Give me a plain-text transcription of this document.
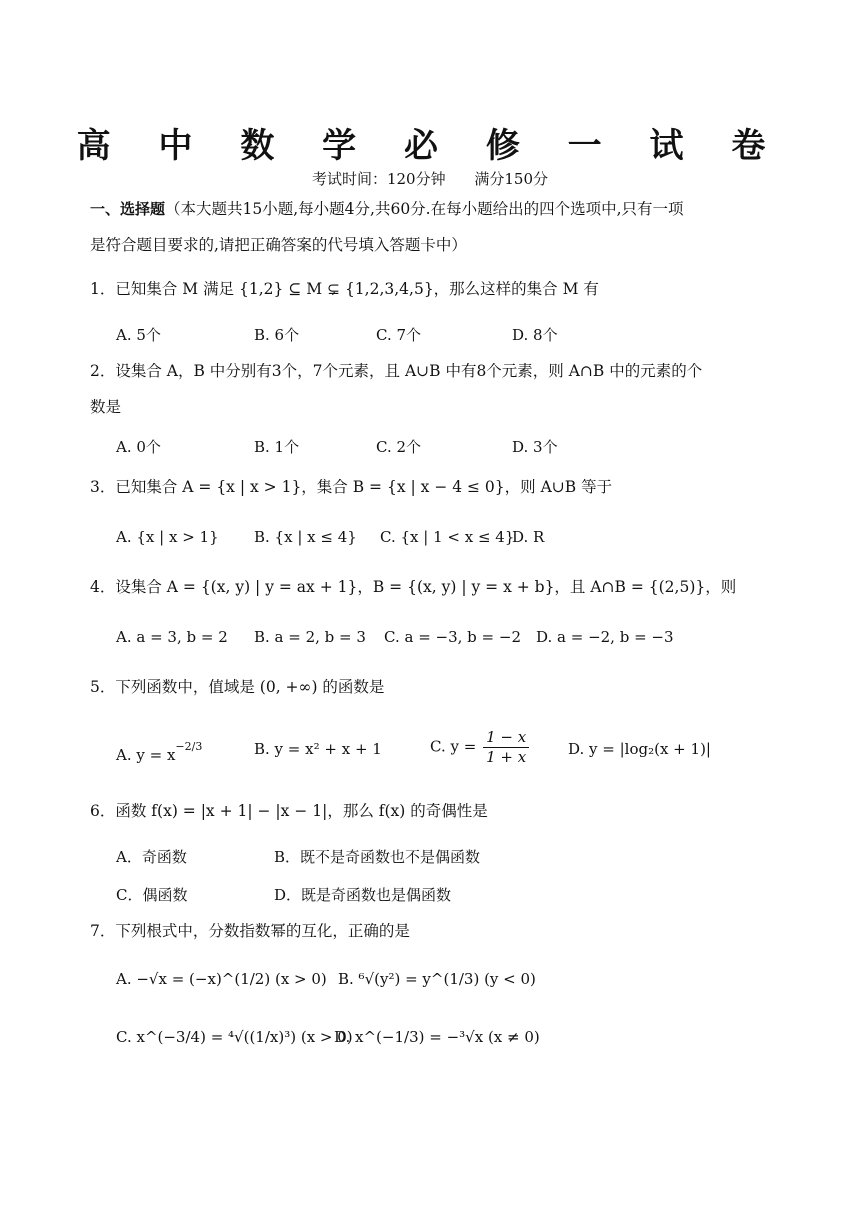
高 中 数 学 必 修 一 试 卷
考试时间：120分钟 满分150分
一、选择题（本大题共15小题,每小题4分,共60分.在每小题给出的四个选项中,只有一项
是符合题目要求的,请把正确答案的代号填入答题卡中）
1．已知集合 M 满足 {1,2} ⊆ M ⊊ {1,2,3,4,5}，那么这样的集合 M 有
A. 5个	B. 6个	C. 7个	D. 8个
2．设集合 A，B 中分别有3个，7个元素，且 A∪B 中有8个元素，则 A∩B 中的元素的个
数是
A. 0个	B. 1个	C. 2个	D. 3个
3．已知集合 A = {x | x > 1}，集合 B = {x | x − 4 ≤ 0}，则 A∪B 等于
A. {x | x > 1} B. {x | x ≤ 4} C. {x | 1 < x ≤ 4}
D. R
4．设集合 A = {(x, y) | y = ax + 1}，B = {(x, y) | y = x + b}，且 A∩B = {(2,5)}，则
A. a = 3, b = 2 B. a = 2, b = 3 C. a = −3, b = −2 D. a = −2, b = −3
5．下列函数中，值域是 (0, +∞) 的函数是
A. $y = x^{-2/3}$	B. y = x² + x + 1	C. $y = \frac{1 - x}{1 + x}$	D. y = |log₂(x + 1)|
6．函数 f(x) = |x + 1| − |x − 1|，那么 f(x) 的奇偶性是
A．奇函数	B．既不是奇函数也不是偶函数
C．偶函数	D．既是奇函数也是偶函数
7．下列根式中，分数指数幂的互化，正确的是
A. −√x = (−x)^(1/2) (x > 0) B. ⁶√(y²) = y^(1/3) (y < 0)
C. x^(−3/4) = ⁴√((1/x)³) (x > 0)
D. x^(−1/3) = −³√x (x ≠ 0)
